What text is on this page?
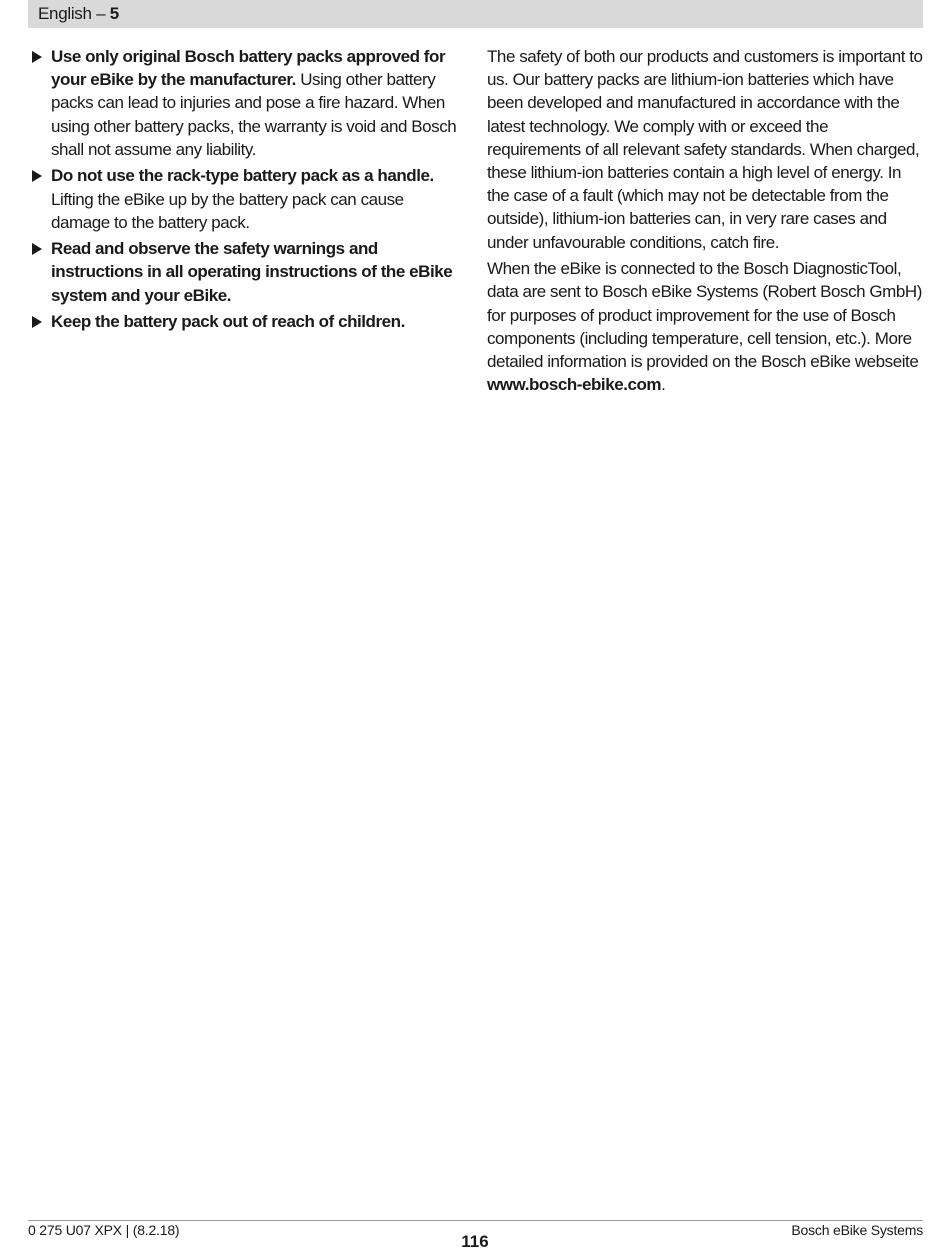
English – 5

Use only original Bosch battery packs approved for your eBike by the manufacturer. Using other battery packs can lead to injuries and pose a fire hazard. When using other battery packs, the warranty is void and Bosch shall not assume any liability.

Do not use the rack-type battery pack as a handle. Lifting the eBike up by the battery pack can cause damage to the battery pack.

Read and observe the safety warnings and instructions in all operating instructions of the eBike system and your eBike.

Keep the battery pack out of reach of children.

The safety of both our products and customers is important to us. Our battery packs are lithium-ion batteries which have been developed and manufactured in accordance with the latest technology. We comply with or exceed the requirements of all relevant safety standards. When charged, these lithium-ion batteries contain a high level of energy. In the case of a fault (which may not be detectable from the outside), lithium-ion batteries can, in very rare cases and under unfavourable conditions, catch fire.

When the eBike is connected to the Bosch DiagnosticTool, data are sent to Bosch eBike Systems (Robert Bosch GmbH) for purposes of product improvement for the use of Bosch components (including temperature, cell tension, etc.). More detailed information is provided on the Bosch eBike webseite www.bosch-ebike.com.

0 275 U07 XPX | (8.2.18)	Bosch eBike Systems
116
